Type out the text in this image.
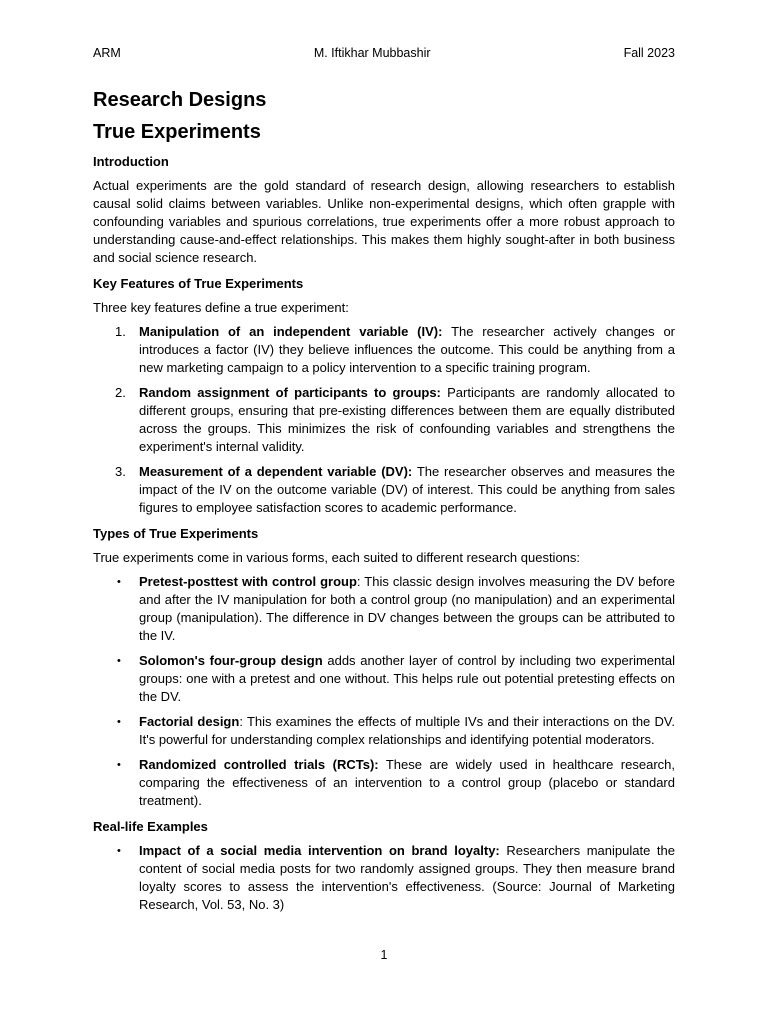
ARM	M. Iftikhar Mubbashir	Fall 2023
Research Designs
True Experiments
Introduction

Actual experiments are the gold standard of research design, allowing researchers to establish causal solid claims between variables. Unlike non-experimental designs, which often grapple with confounding variables and spurious correlations, true experiments offer a more robust approach to understanding cause-and-effect relationships. This makes them highly sought-after in both business and social science research.

Key Features of True Experiments

Three key features define a true experiment:

1.	Manipulation of an independent variable (IV): The researcher actively changes or introduces a factor (IV) they believe influences the outcome. This could be anything from a new marketing campaign to a policy intervention to a specific training program.
2.	Random assignment of participants to groups: Participants are randomly allocated to different groups, ensuring that pre-existing differences between them are equally distributed across the groups. This minimizes the risk of confounding variables and strengthens the experiment's internal validity.
3.	Measurement of a dependent variable (DV): The researcher observes and measures the impact of the IV on the outcome variable (DV) of interest. This could be anything from sales figures to employee satisfaction scores to academic performance.
Types of True Experiments

True experiments come in various forms, each suited to different research questions:

•	Pretest-posttest with control group: This classic design involves measuring the DV before and after the IV manipulation for both a control group (no manipulation) and an experimental group (manipulation). The difference in DV changes between the groups can be attributed to the IV.
•	Solomon's four-group design adds another layer of control by including two experimental groups: one with a pretest and one without. This helps rule out potential pretesting effects on the DV.
•	Factorial design: This examines the effects of multiple IVs and their interactions on the DV. It's powerful for understanding complex relationships and identifying potential moderators.
•	Randomized controlled trials (RCTs): These are widely used in healthcare research, comparing the effectiveness of an intervention to a control group (placebo or standard treatment).
Real-life Examples
•	Impact of a social media intervention on brand loyalty: Researchers manipulate the content of social media posts for two randomly assigned groups. They then measure brand loyalty scores to assess the intervention's effectiveness. (Source: Journal of Marketing Research, Vol. 53, No. 3)
1
